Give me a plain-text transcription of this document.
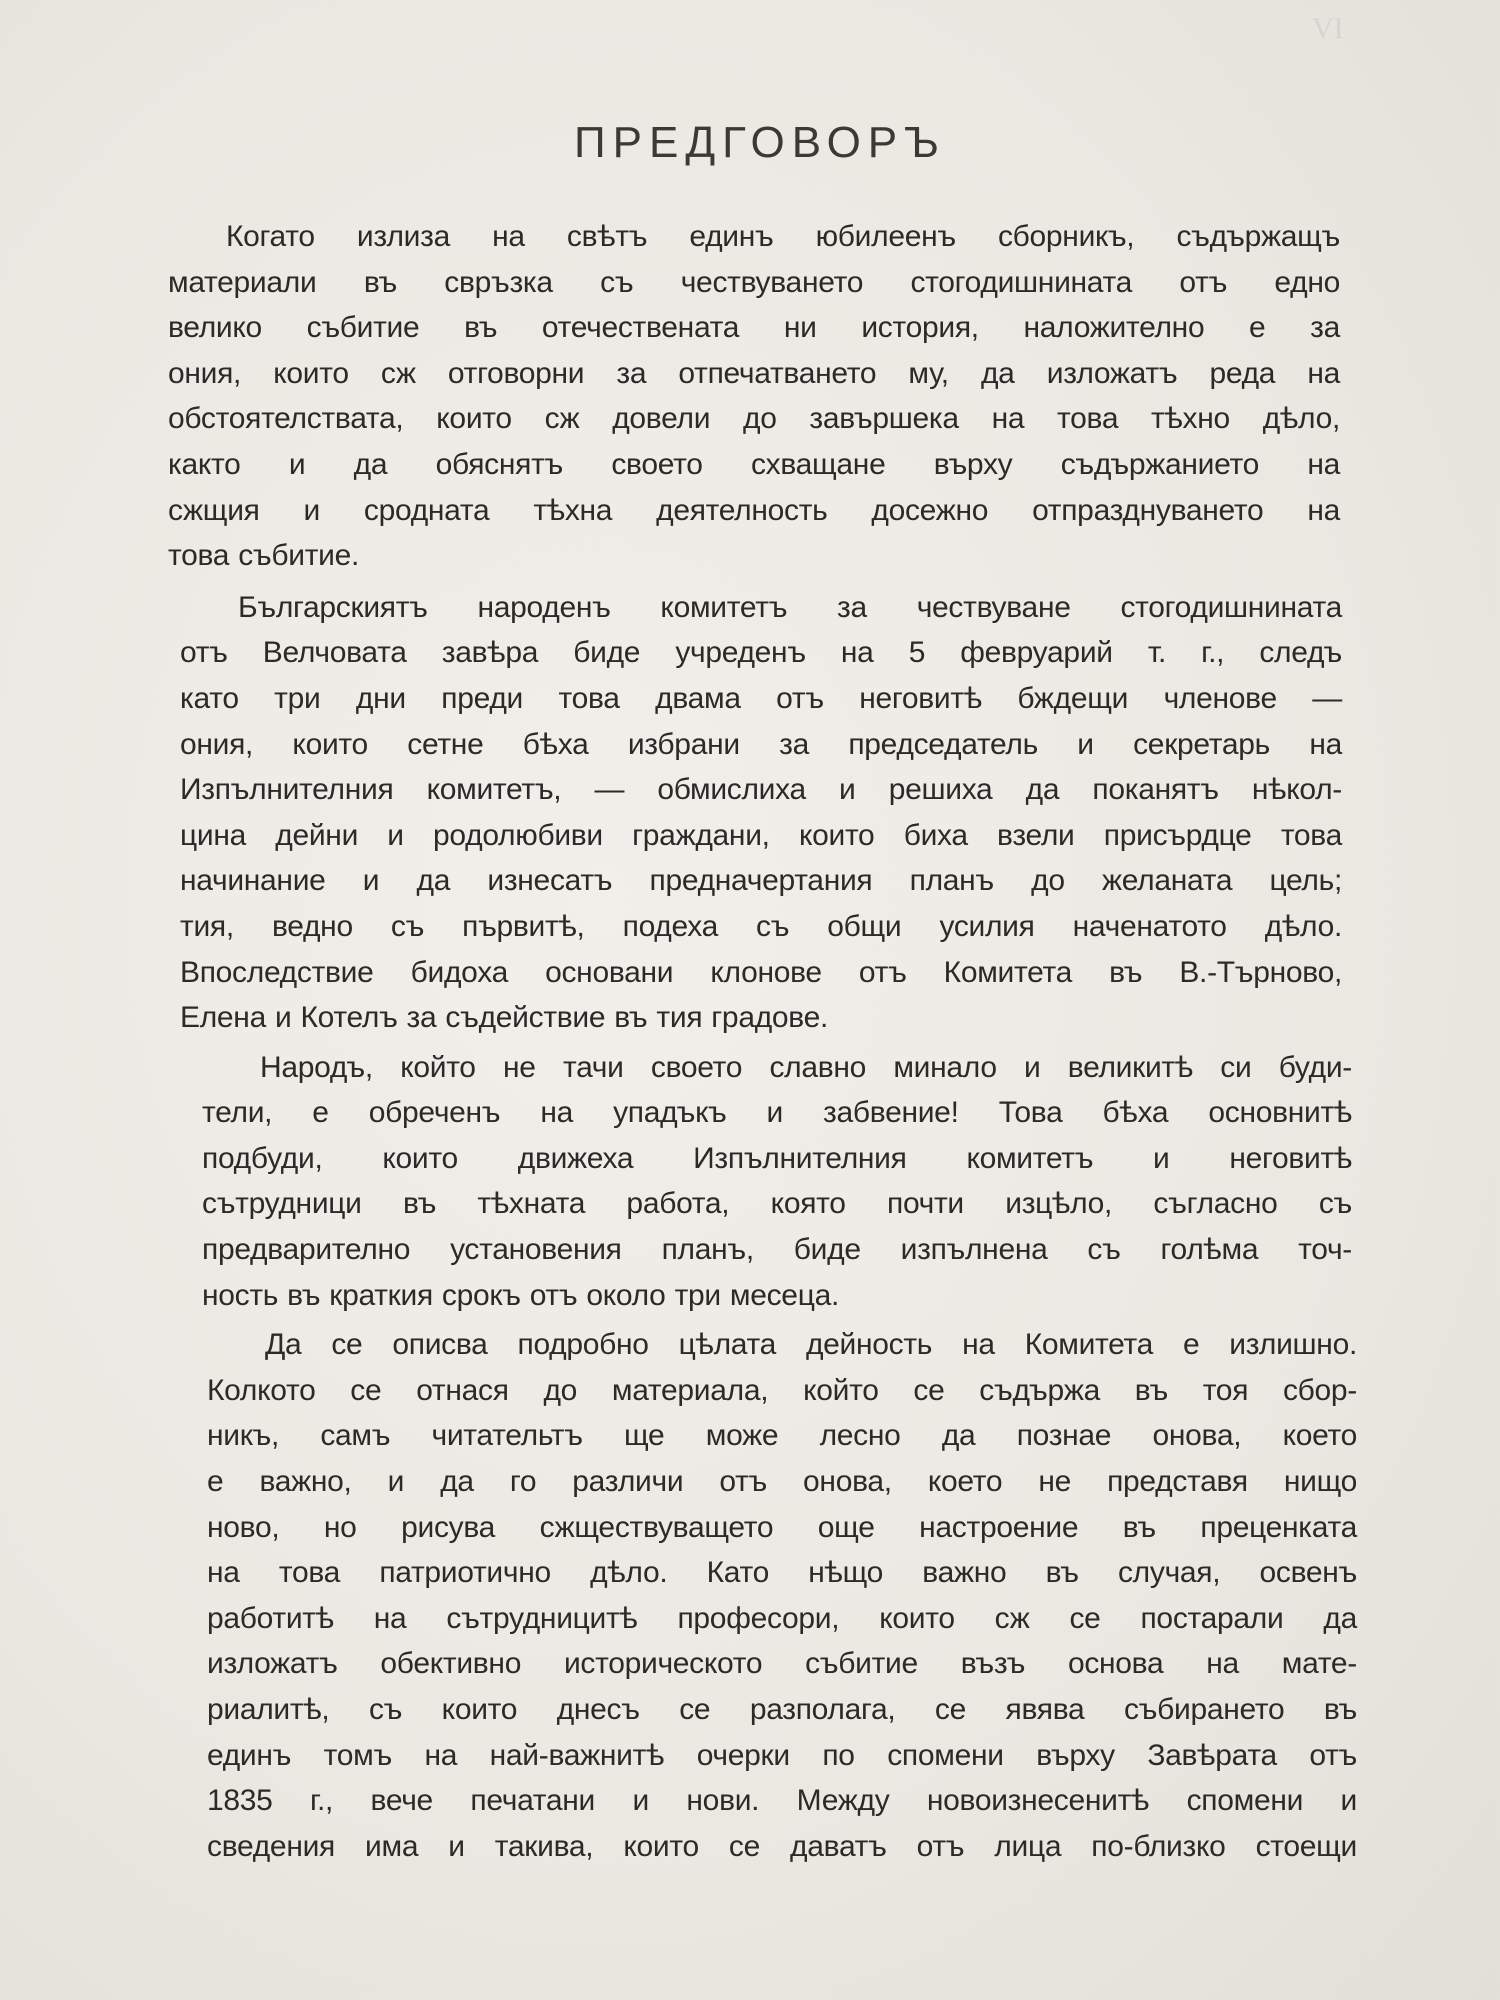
VI
ПРЕДГОВОРЪ
Когато излиза на свѣтъ единъ юбилеенъ сборникъ, съдържащъ
материали въ свръзка съ чествуването стогодишнината отъ едно
велико събитие въ отечествената ни история, наложително е за
ония, които сж отговорни за отпечатването му, да изложатъ реда на
обстоятелствата, които сж довели до завършека на това тѣхно дѣло,
както и да обяснятъ своето схващане върху съдържанието на
сжщия и сродната тѣхна деятелность досежно отпразднуването на
това събитие.
Българскиятъ народенъ комитетъ за чествуване стогодишнината
отъ Велчовата завѣра биде учреденъ на 5 февруарий т. г., следъ
като три дни преди това двама отъ неговитѣ бждещи членове —
ония, които сетне бѣха избрани за председатель и секретарь на
Изпълнителния комитетъ, — обмислиха и решиха да поканятъ нѣкол-
цина дейни и родолюбиви граждани, които биха взели присърдце това
начинание и да изнесатъ предначертания планъ до желаната цель;
тия, ведно съ първитѣ, подеха съ общи усилия наченатото дѣло.
Впоследствие бидоха основани клонове отъ Комитета въ В.-Търново,
Елена и Котелъ за съдействие въ тия градове.
Народъ, който не тачи своето славно минало и великитѣ си буди-
тели, е обреченъ на упадъкъ и забвение! Това бѣха основнитѣ
подбуди, които движеха Изпълнителния комитетъ и неговитѣ
сътрудници въ тѣхната работа, която почти изцѣло, съгласно съ
предварително установения планъ, биде изпълнена съ голѣма точ-
ность въ краткия срокъ отъ около три месеца.
Да се описва подробно цѣлата дейность на Комитета е излишно.
Колкото се отнася до материала, който се съдържа въ тоя сбор-
никъ, самъ читательтъ ще може лесно да познае онова, което
е важно, и да го различи отъ онова, което не представя нищо
ново, но рисува сжществуващето още настроение въ преценката
на това патриотично дѣло. Като нѣщо важно въ случая, освенъ
работитѣ на сътрудницитѣ професори, които сж се постарали да
изложатъ обективно историческото събитие възъ основа на мате-
риалитѣ, съ които днесъ се разполага, се явява събирането въ
единъ томъ на най-важнитѣ очерки по спомени върху Завѣрата отъ
1835 г., вече печатани и нови. Между новоизнесенитѣ спомени и
сведения има и такива, които се даватъ отъ лица по-близко стоещи
